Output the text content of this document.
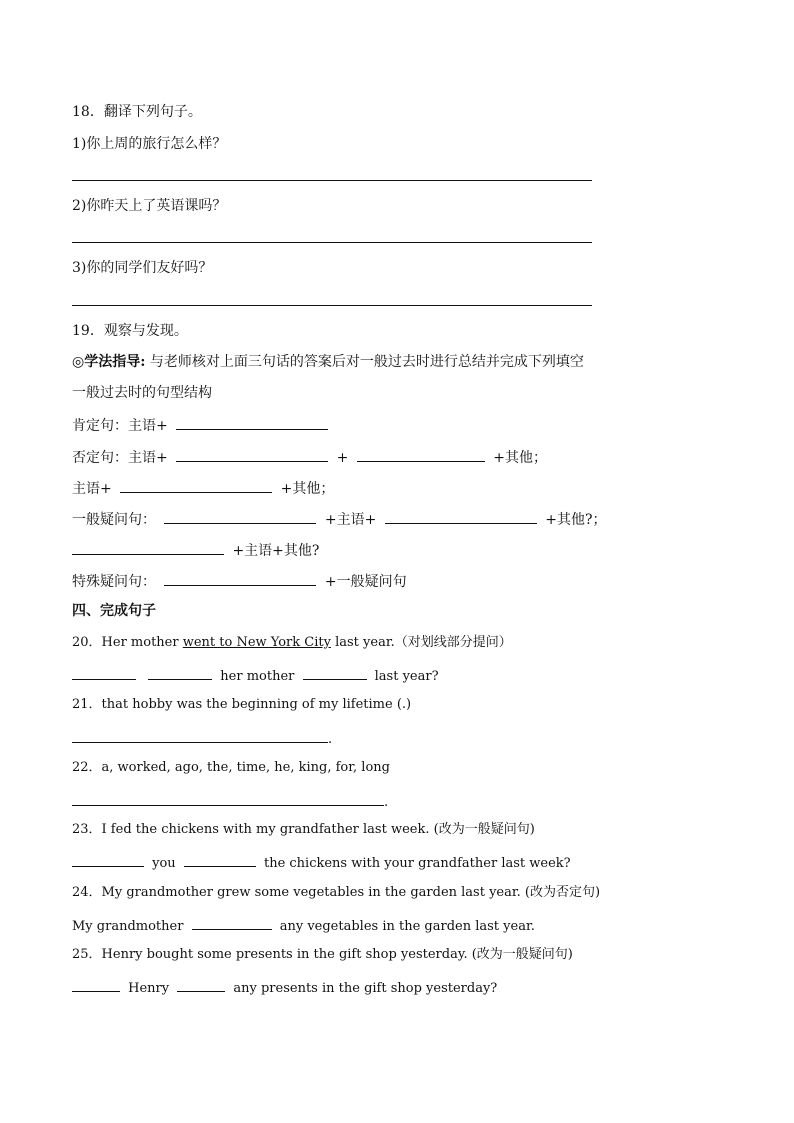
18．翻译下列句子。
1)你上周的旅行怎么样？
2)你昨天上了英语课吗？
3)你的同学们友好吗？
19．观察与发现。
◎学法指导: 与老师核对上面三句话的答案后对一般过去时进行总结并完成下列填空
一般过去时的句型结构
肯定句：主语+
否定句：主语+	+	+其他；
主语+	+其他；
一般疑问句：	+主语+	+其他?；
+主语+其他?
特殊疑问句：	+一般疑问句
四、完成句子
20．Her mother went to New York City last year.（对划线部分提问）
her mother	last year?
21．that hobby was the beginning of my lifetime (.)
.
22．a, worked, ago, the, time, he, king, for, long
.
23．I fed the chickens with my grandfather last week. (改为一般疑问句)
you	the chickens with your grandfather last week?
24．My grandmother grew some vegetables in the garden last year. (改为否定句)
My grandmother	any vegetables in the garden last year.
25．Henry bought some presents in the gift shop yesterday. (改为一般疑问句)
Henry	any presents in the gift shop yesterday?
